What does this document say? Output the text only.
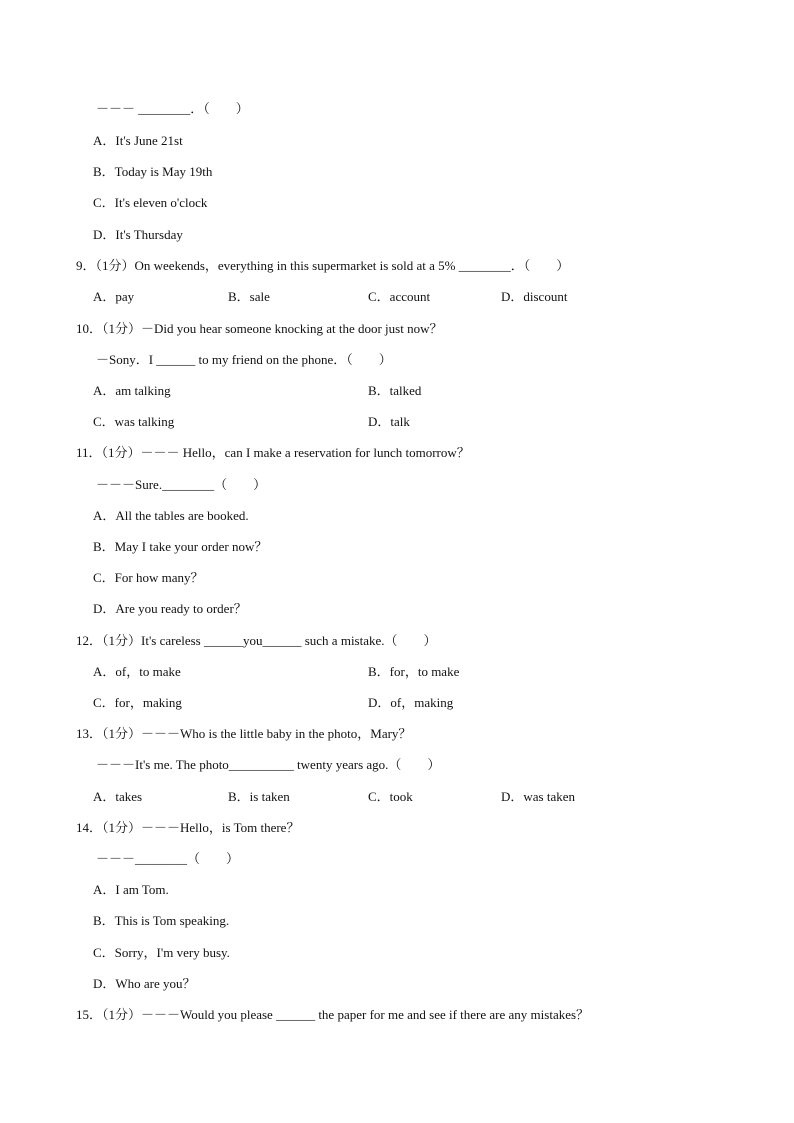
－－－ ________．（　　）
A．It's June 21st
B．Today is May 19th
C．It's eleven o'clock
D．It's Thursday
9．（1分）On weekends，everything in this supermarket is sold at a 5% ________．（　　）
A．pay	B．sale	C．account	D．discount
10．（1分）－Did you hear someone knocking at the door just now？
－Sony．I ______ to my friend on the phone．（　　）
A．am talking	B．talked
C．was talking	D．talk
11．（1分）－－－ Hello，can I make a reservation for lunch tomorrow？
－－－Sure.________（　　）
A．All the tables are booked.
B．May I take your order now？
C．For how many？
D．Are you ready to order？
12．（1分）It's careless ______you______ such a mistake.（　　）
A．of，to make	B．for，to make
C．for，making	D．of，making
13．（1分）－－－Who is the little baby in the photo，Mary？
－－－It's me. The photo__________ twenty years ago.（　　）
A．takes	B．is taken	C．took	D．was taken
14．（1分）－－－Hello，is Tom there？
－－－________（　　）
A．I am Tom.
B．This is Tom speaking.
C．Sorry，I'm very busy.
D．Who are you？
15．（1分）－－－Would you please ______ the paper for me and see if there are any mistakes？
